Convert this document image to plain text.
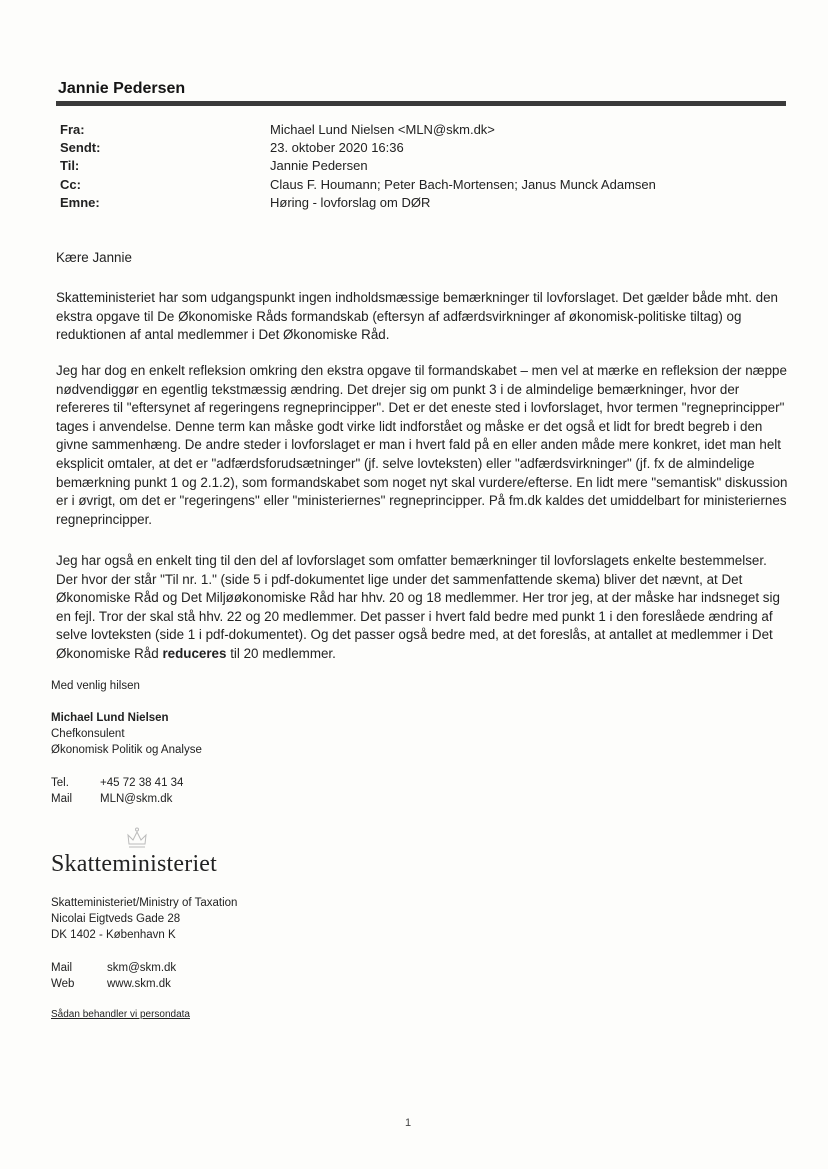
Jannie Pedersen
Fra:	Michael Lund Nielsen <MLN@skm.dk>
Sendt:	23. oktober 2020 16:36
Til:	Jannie Pedersen
Cc:	Claus F. Houmann; Peter Bach-Mortensen; Janus Munck Adamsen
Emne:	Høring - lovforslag om DØR
Kære Jannie
Skatteministeriet har som udgangspunkt ingen indholdsmæssige bemærkninger til lovforslaget. Det gælder både mht. den ekstra opgave til De Økonomiske Råds formandskab (eftersyn af adfærdsvirkninger af økonomisk-politiske tiltag) og reduktionen af antal medlemmer i Det Økonomiske Råd.
Jeg har dog en enkelt refleksion omkring den ekstra opgave til formandskabet – men vel at mærke en refleksion der næppe nødvendiggør en egentlig tekstmæssig ændring. Det drejer sig om punkt 3 i de almindelige bemærkninger, hvor der refereres til "eftersynet af regeringens regneprincipper". Det er det eneste sted i lovforslaget, hvor termen "regneprincipper" tages i anvendelse. Denne term kan måske godt virke lidt indforstået og måske er det også et lidt for bredt begreb i den givne sammenhæng. De andre steder i lovforslaget er man i hvert fald på en eller anden måde mere konkret, idet man helt eksplicit omtaler, at det er "adfærdsforudsætninger" (jf. selve lovteksten) eller "adfærdsvirkninger" (jf. fx de almindelige bemærkning punkt 1 og 2.1.2), som formandskabet som noget nyt skal vurdere/efterse. En lidt mere "semantisk" diskussion er i øvrigt, om det er "regeringens" eller "ministeriernes" regneprincipper. På fm.dk kaldes det umiddelbart for ministeriernes regneprincipper.
Jeg har også en enkelt ting til den del af lovforslaget som omfatter bemærkninger til lovforslagets enkelte bestemmelser. Der hvor der står "Til nr. 1." (side 5 i pdf-dokumentet lige under det sammenfattende skema) bliver det nævnt, at Det Økonomiske Råd og Det Miljøøkonomiske Råd har hhv. 20 og 18 medlemmer. Her tror jeg, at der måske har indsneget sig en fejl. Tror der skal stå hhv. 22 og 20 medlemmer. Det passer i hvert fald bedre med punkt 1 i den foreslåede ændring af selve lovteksten (side 1 i pdf-dokumentet). Og det passer også bedre med, at det foreslås, at antallet at medlemmer i Det Økonomiske Råd reduceres til 20 medlemmer.
Med venlig hilsen
Michael Lund Nielsen
Chefkonsulent
Økonomisk Politik og Analyse
Tel.	+45 72 38 41 34
Mail MLN@skm.dk
Skatteministeriet
Skatteministeriet/Ministry of Taxation
Nicolai Eigtveds Gade 28
DK 1402 - København K
Mail	skm@skm.dk
Web	www.skm.dk
Sådan behandler vi persondata
1
